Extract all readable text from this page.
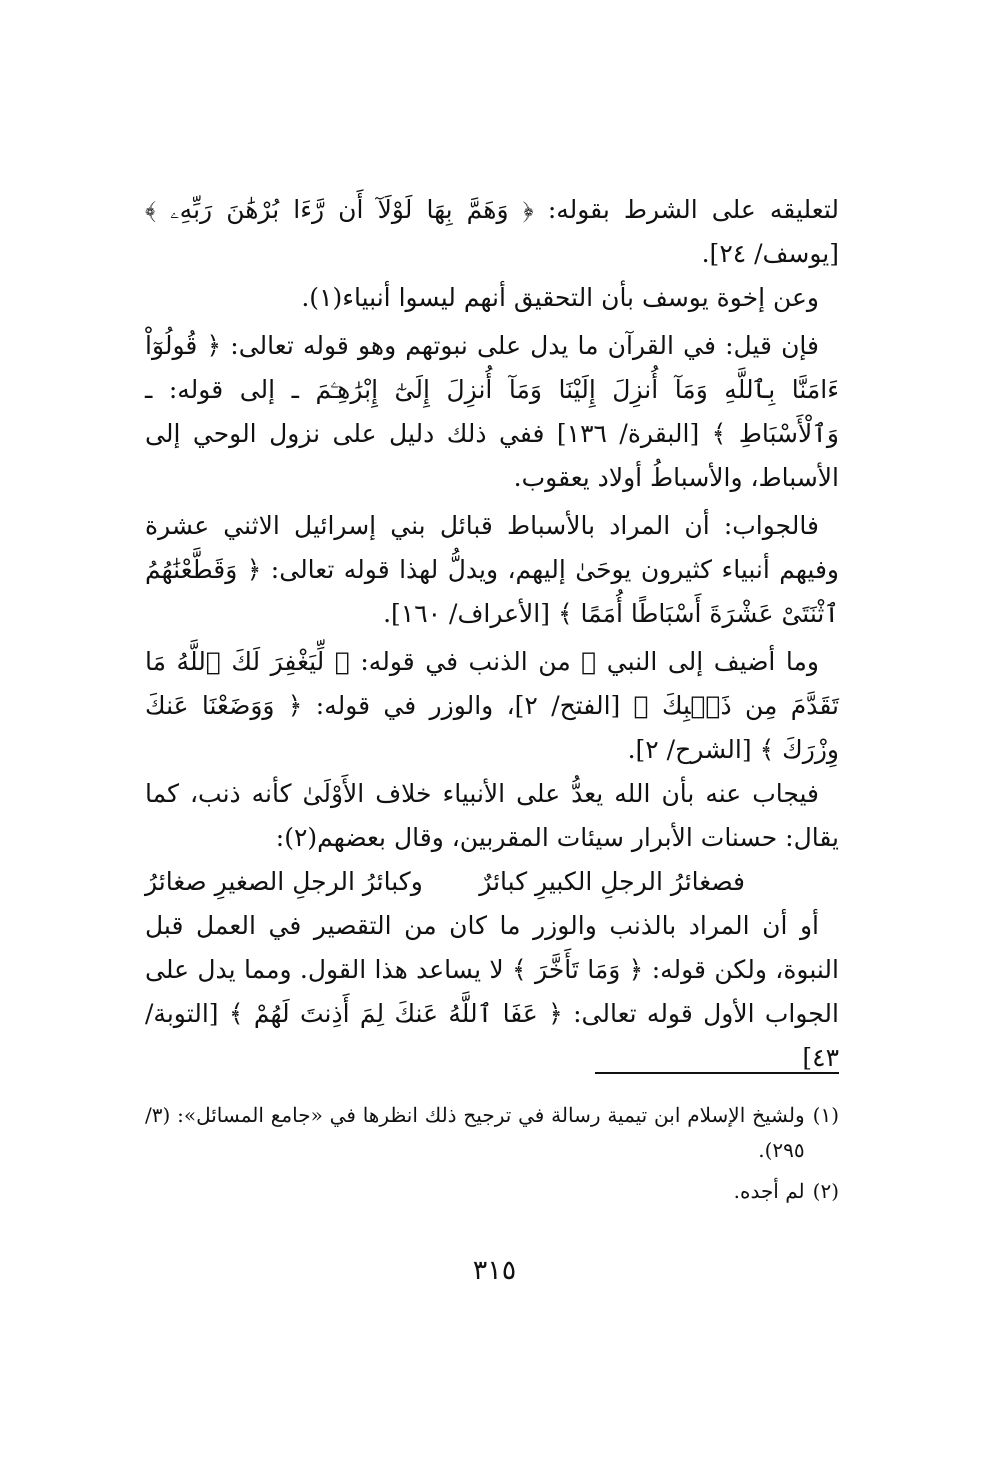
لتعليقه على الشرط بقوله: ﴿ وَهَمَّ بِهَا لَوْلَآ أَن رَّءَا بُرْهَٰنَ رَبِّهِۦ ﴾ [يوسف/ ٢٤].

وعن إخوة يوسف بأن التحقيق أنهم ليسوا أنبياء(١).

فإن قيل: في القرآن ما يدل على نبوتهم وهو قوله تعالى: ﴿ قُولُوٓاْ ءَامَنَّا بِٱللَّهِ وَمَآ أُنزِلَ إِلَيْنَا وَمَآ أُنزِلَ إِلَىٰٓ إِبْرَٰهِـۧمَ ـ إلى قوله: ـ وَٱلْأَسْبَاطِ ﴾ [البقرة/ ١٣٦] ففي ذلك دليل على نزول الوحي إلى الأسباط، والأسباطُ أولاد يعقوب.

فالجواب: أن المراد بالأسباط قبائل بني إسرائيل الاثني عشرة وفيهم أنبياء كثيرون يوحَىٰ إليهم، ويدلُّ لهذا قوله تعالى: ﴿ وَقَطَّعْنَٰهُمُ ٱثْنَتَىْ عَشْرَةَ أَسْبَاطًا أُمَمًا ﴾ [الأعراف/ ١٦٠].

وما أضيف إلى النبي ﷺ من الذنب في قوله: ﴿ لِّيَغْفِرَ لَكَ ٱللَّهُ مَا تَقَدَّمَ مِن ذَنۢبِكَ ﴾ [الفتح/ ٢]، والوزر في قوله: ﴿ وَوَضَعْنَا عَنكَ وِزْرَكَ ﴾ [الشرح/ ٢].

فيجاب عنه بأن الله يعدُّ على الأنبياء خلاف الأَوْلَىٰ كأنه ذنب، كما يقال: حسنات الأبرار سيئات المقربين، وقال بعضهم(٢):

فصغائرُ الرجلِ الكبيرِ كبائرٌ
وكبائرُ الرجلِ الصغيرِ صغائرُ

أو أن المراد بالذنب والوزر ما كان من التقصير في العمل قبل النبوة، ولكن قوله: ﴿ وَمَا تَأَخَّرَ ﴾ لا يساعد هذا القول. ومما يدل على الجواب الأول قوله تعالى: ﴿ عَفَا ٱللَّهُ عَنكَ لِمَ أَذِنتَ لَهُمْ ﴾ [التوبة/ ٤٣]

(١)
ولشيخ الإسلام ابن تيمية رسالة في ترجيح ذلك انظرها في «جامع المسائل»: (٣/ ٢٩٥).
(٢)
لم أجده.
٣١٥
